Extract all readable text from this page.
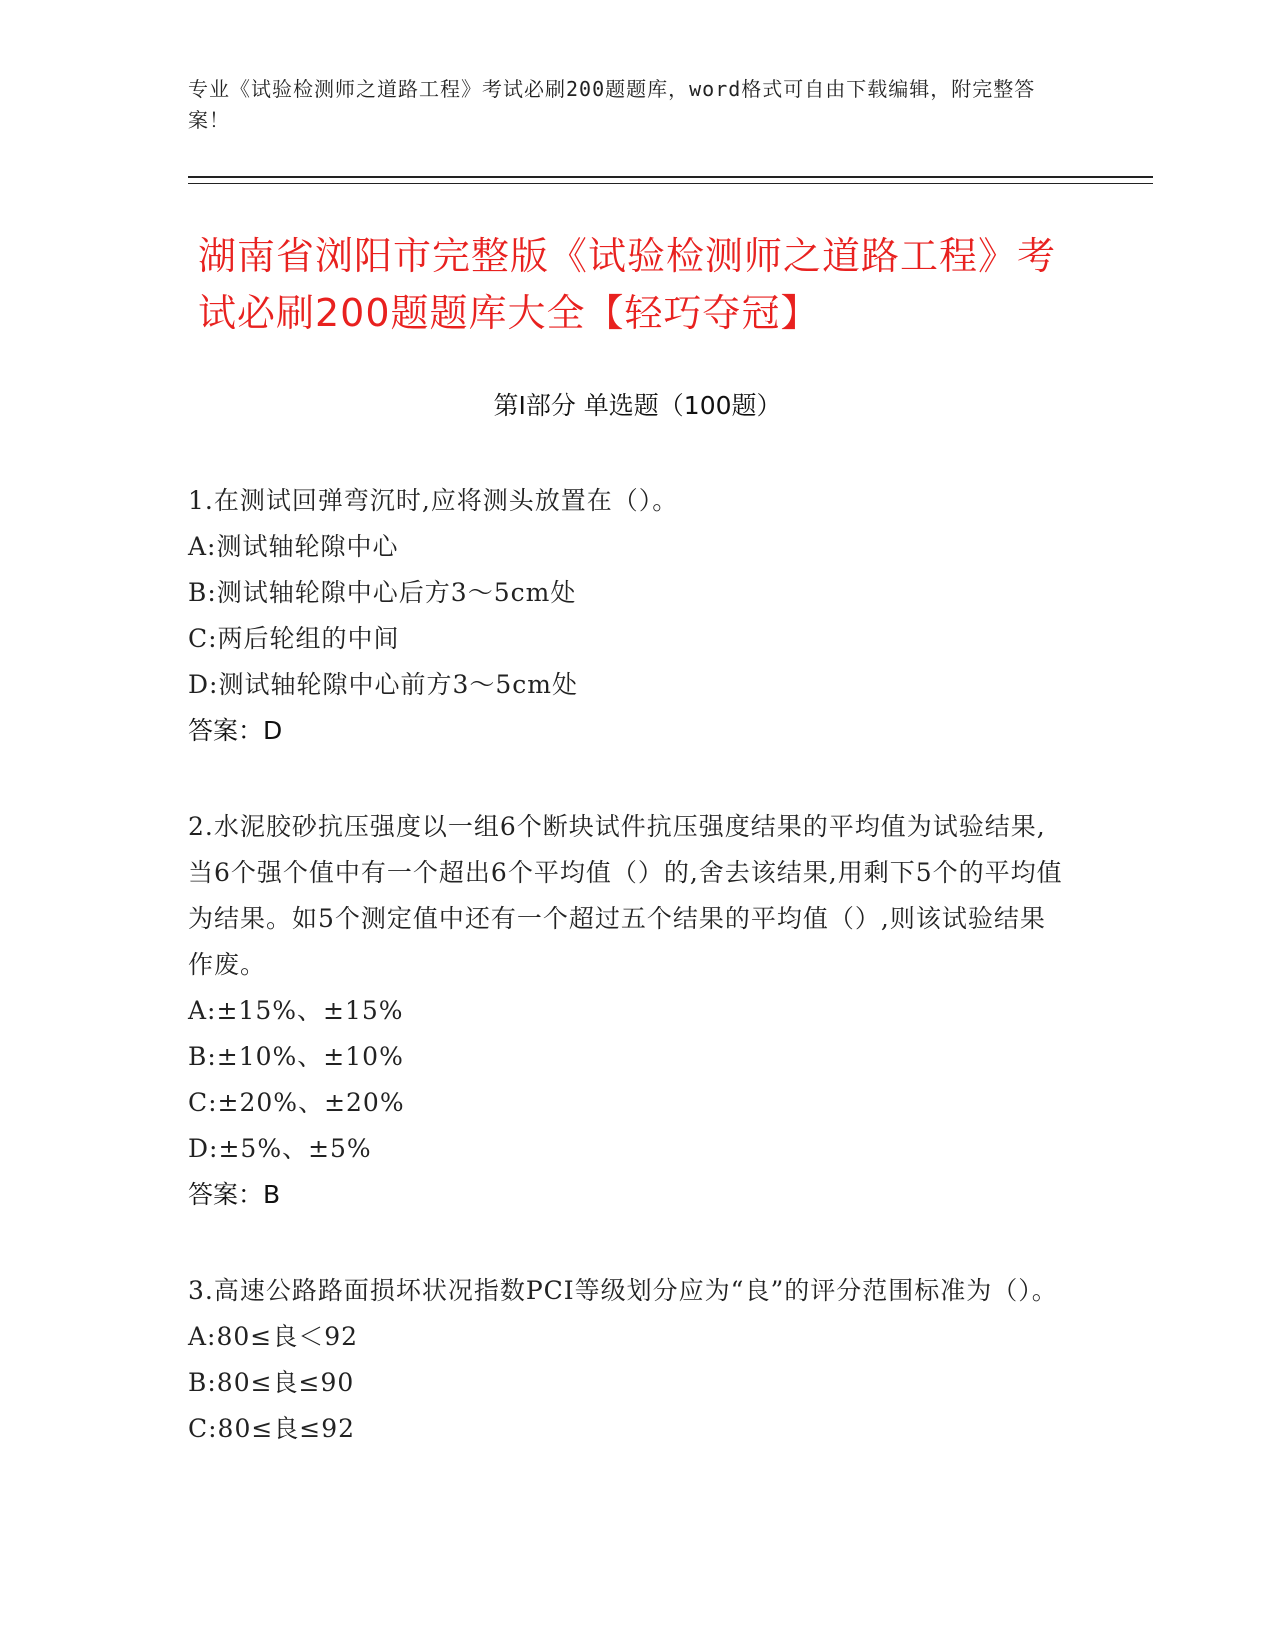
专业《试验检测师之道路工程》考试必刷200题题库，word格式可自由下载编辑，附完整答案！
湖南省浏阳市完整版《试验检测师之道路工程》考试必刷200题题库大全【轻巧夺冠】
第I部分 单选题（100题）
1.在测试回弹弯沉时,应将测头放置在（）。
A:测试轴轮隙中心
B:测试轴轮隙中心后方3～5cm处
C:两后轮组的中间
D:测试轴轮隙中心前方3～5cm处
答案：D
2.水泥胶砂抗压强度以一组6个断块试件抗压强度结果的平均值为试验结果,当6个强个值中有一个超出6个平均值（）的,舍去该结果,用剩下5个的平均值为结果。如5个测定值中还有一个超过五个结果的平均值（）,则该试验结果作废。
A:±15%、±15%
B:±10%、±10%
C:±20%、±20%
D:±5%、±5%
答案：B
3.高速公路路面损坏状况指数PCI等级划分应为“良”的评分范围标准为（）。
A:80≤良＜92
B:80≤良≤90
C:80≤良≤92
